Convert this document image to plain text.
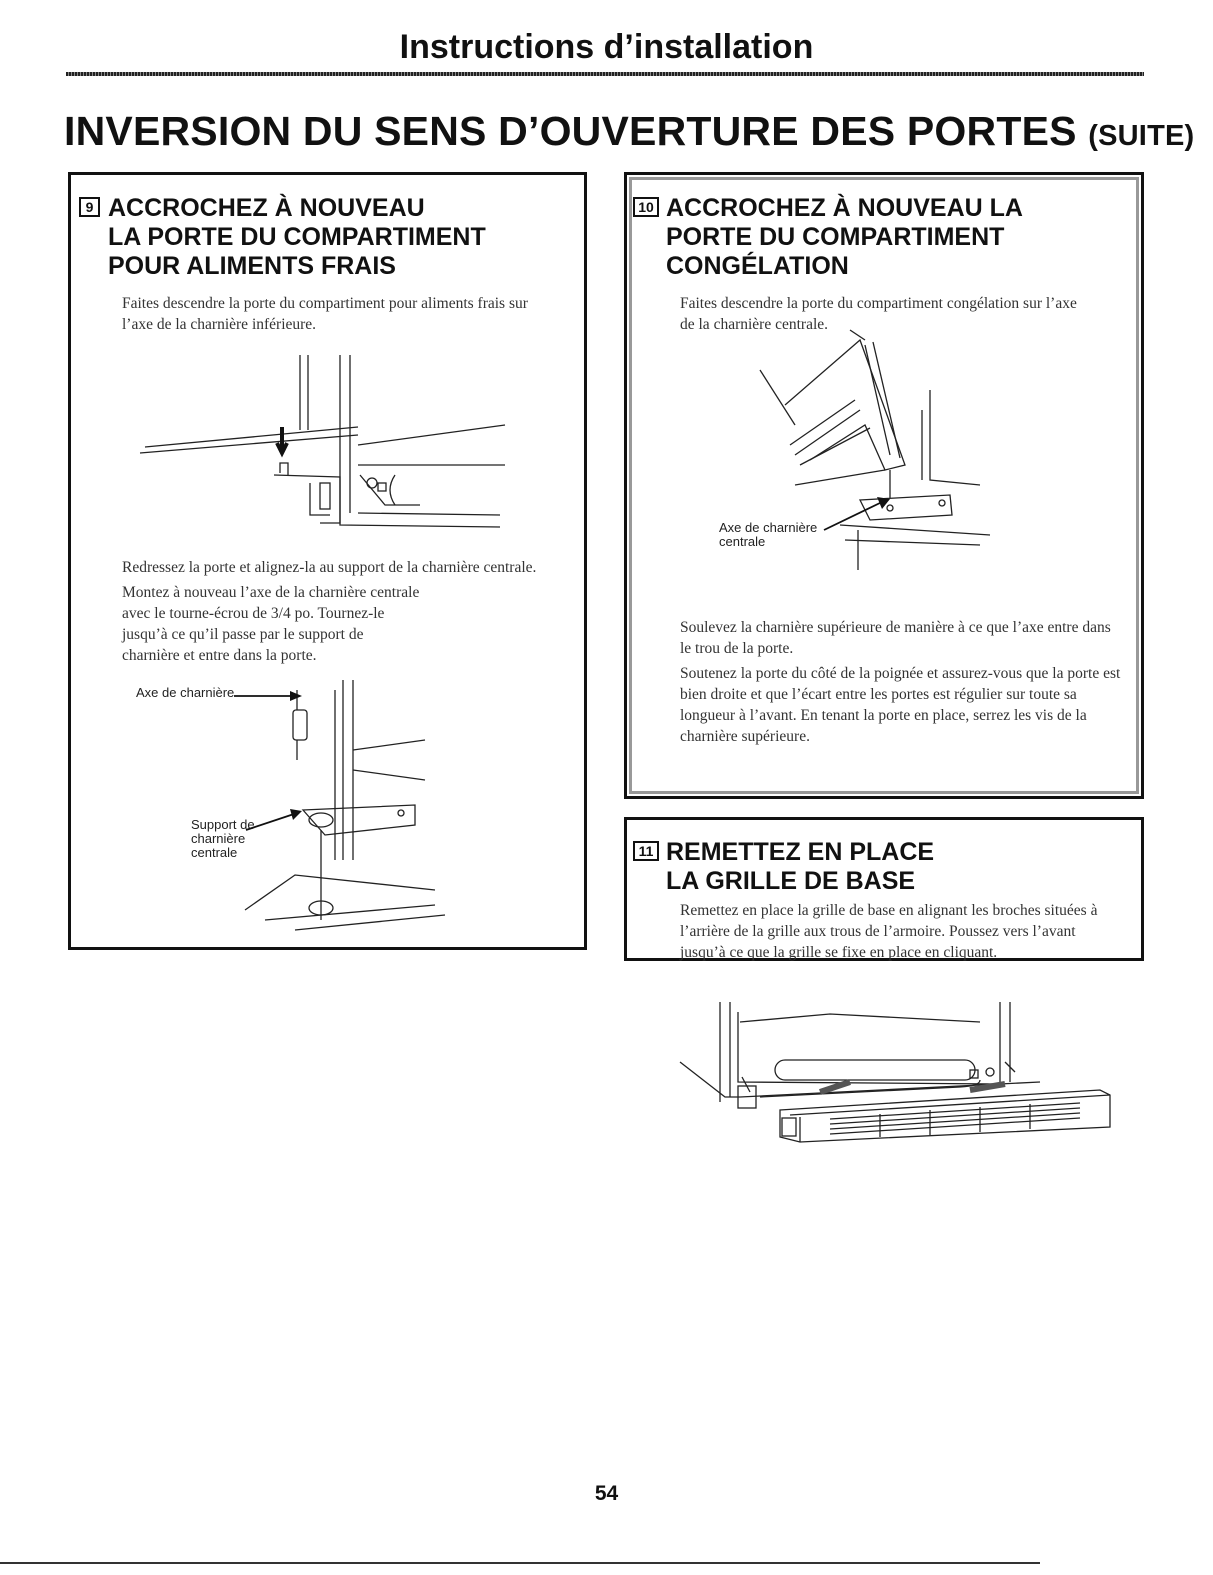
Instructions d’installation
INVERSION DU SENS D’OUVERTURE DES PORTES (SUITE)
9 ACCROCHEZ À NOUVEAU
LA PORTE DU COMPARTIMENT
POUR ALIMENTS FRAIS

Faites descendre la porte du compartiment pour aliments frais sur l’axe de la charnière inférieure.

Redressez la porte et alignez-la au support de la charnière centrale.

Montez à nouveau l’axe de la charnière centrale avec le tourne-écrou de 3/4 po. Tournez-le jusqu’à ce qu’il passe par le support de charnière et entre dans la porte.

Axe de charnière
Support de
charnière
centrale
10 ACCROCHEZ À NOUVEAU LA
PORTE DU COMPARTIMENT
CONGÉLATION

Faites descendre la porte du compartiment congélation sur l’axe de la charnière centrale.

Axe de charnière
centrale

Soulevez la charnière supérieure de manière à ce que l’axe entre dans le trou de la porte.

Soutenez la porte du côté de la poignée et assurez-vous que la porte est bien droite et que l’écart entre les portes est régulier sur toute sa longueur à l’avant. En tenant la porte en place, serrez les vis de la charnière supérieure.

11 REMETTEZ EN PLACE
LA GRILLE DE BASE

Remettez en place la grille de base en alignant les broches situées à l’arrière de la grille aux trous de l’armoire. Poussez vers l’avant jusqu’à ce que la grille se fixe en place en cliquant.

54
